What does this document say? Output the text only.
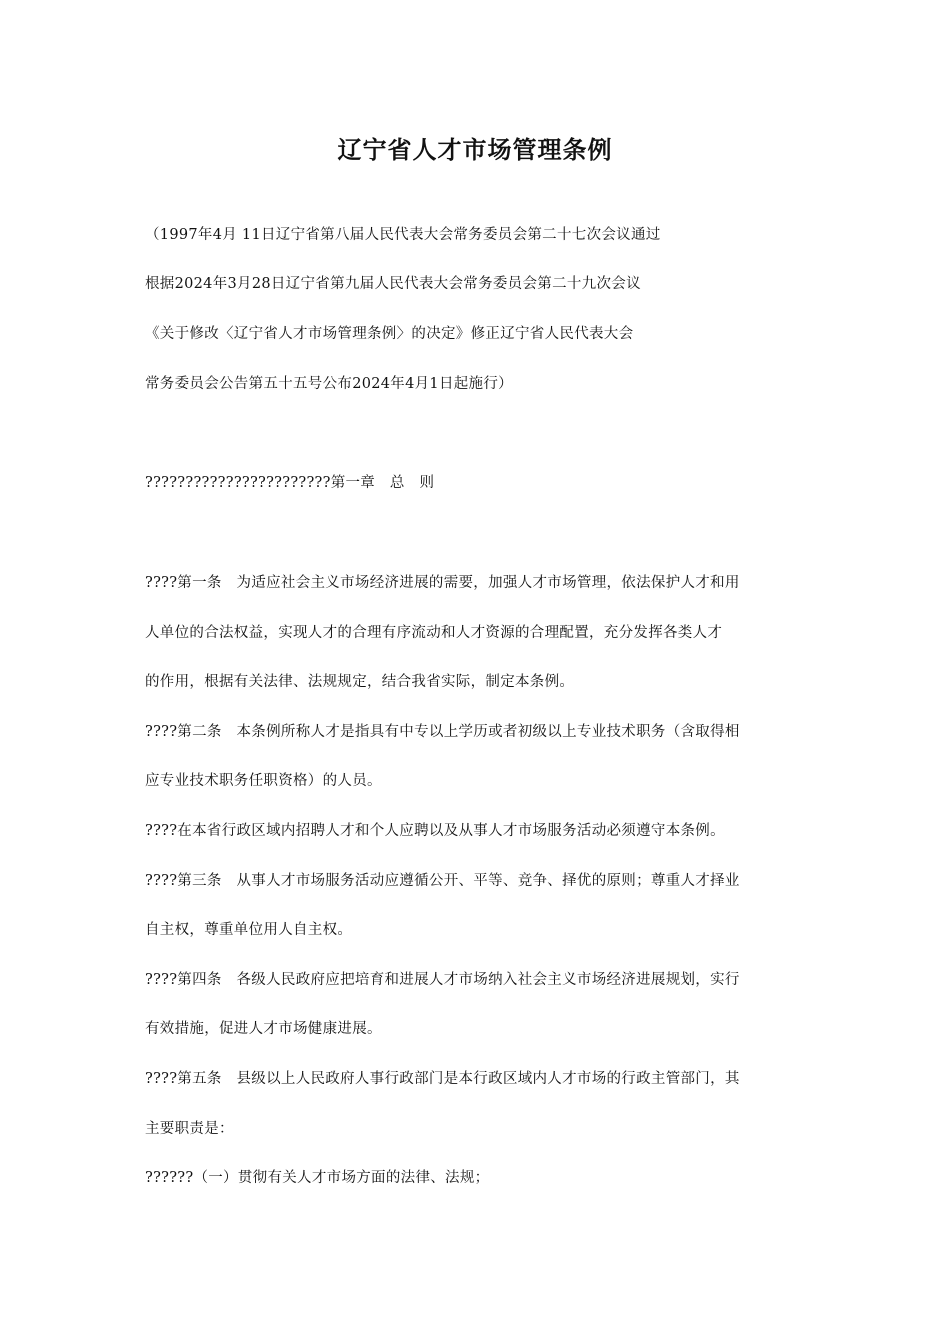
辽宁省人才市场管理条例
（1997年4月 11日辽宁省第八届人民代表大会常务委员会第二十七次会议通过
根据2024年3月28日辽宁省第九届人民代表大会常务委员会第二十九次会议
《关于修改〈辽宁省人才市场管理条例〉的决定》修正辽宁省人民代表大会
常务委员会公告第五十五号公布2024年4月1日起施行）
???????????????????????第一章　总　则
????第一条　为适应社会主义市场经济进展的需要，加强人才市场管理，依法保护人才和用
人单位的合法权益，实现人才的合理有序流动和人才资源的合理配置，充分发挥各类人才
的作用，根据有关法律、法规规定，结合我省实际，制定本条例。
????第二条　本条例所称人才是指具有中专以上学历或者初级以上专业技术职务（含取得相
应专业技术职务任职资格）的人员。
????在本省行政区域内招聘人才和个人应聘以及从事人才市场服务活动必须遵守本条例。
????第三条　从事人才市场服务活动应遵循公开、平等、竞争、择优的原则；尊重人才择业
自主权，尊重单位用人自主权。
????第四条　各级人民政府应把培育和进展人才市场纳入社会主义市场经济进展规划，实行
有效措施，促进人才市场健康进展。
????第五条　县级以上人民政府人事行政部门是本行政区域内人才市场的行政主管部门，其
主要职责是：
??????（一）贯彻有关人才市场方面的法律、法规；
